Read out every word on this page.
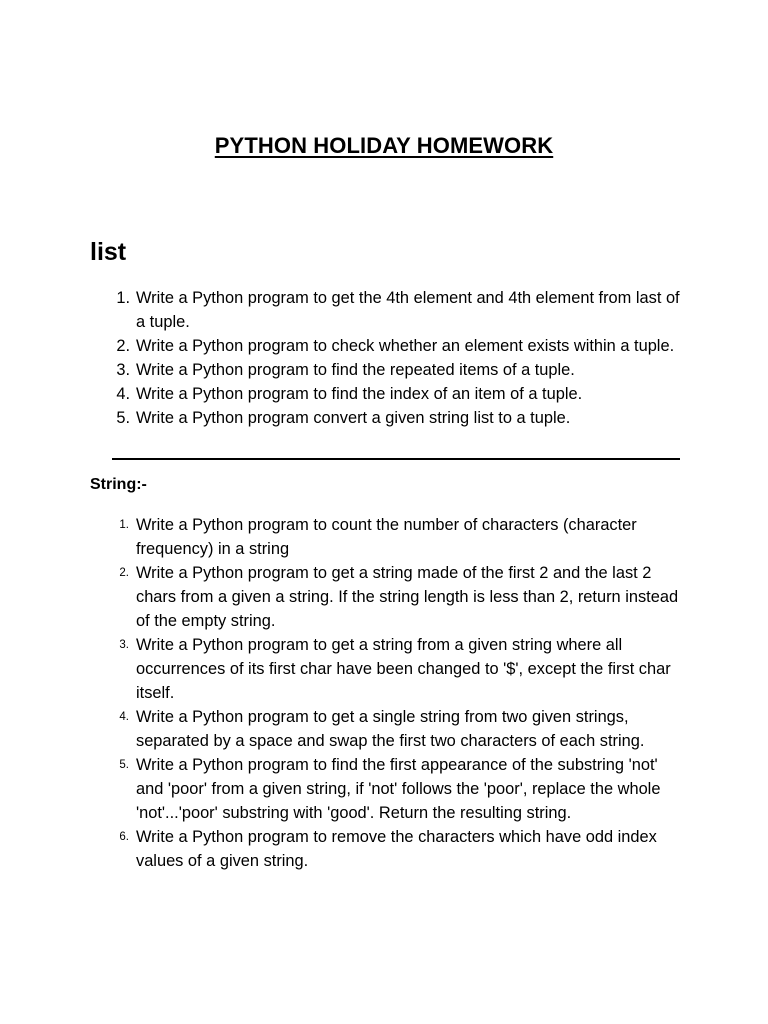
PYTHON HOLIDAY HOMEWORK
list
1. Write a Python program to get the 4th element and 4th element from last of a tuple.
2. Write a Python program to check whether an element exists within a tuple.
3. Write a Python program to find the repeated items of a tuple.
4. Write a Python program to find the index of an item of a tuple.
5. Write a Python program convert a given string list to a tuple.
String:-
1. Write a Python program to count the number of characters (character frequency) in a string
2. Write a Python program to get a string made of the first 2 and the last 2 chars from a given a string. If the string length is less than 2, return instead of the empty string.
3. Write a Python program to get a string from a given string where all occurrences of its first char have been changed to '$', except the first char itself.
4. Write a Python program to get a single string from two given strings, separated by a space and swap the first two characters of each string.
5. Write a Python program to find the first appearance of the substring 'not' and 'poor' from a given string, if 'not' follows the 'poor', replace the whole 'not'...'poor' substring with 'good'. Return the resulting string.
6. Write a Python program to remove the characters which have odd index values of a given string.
